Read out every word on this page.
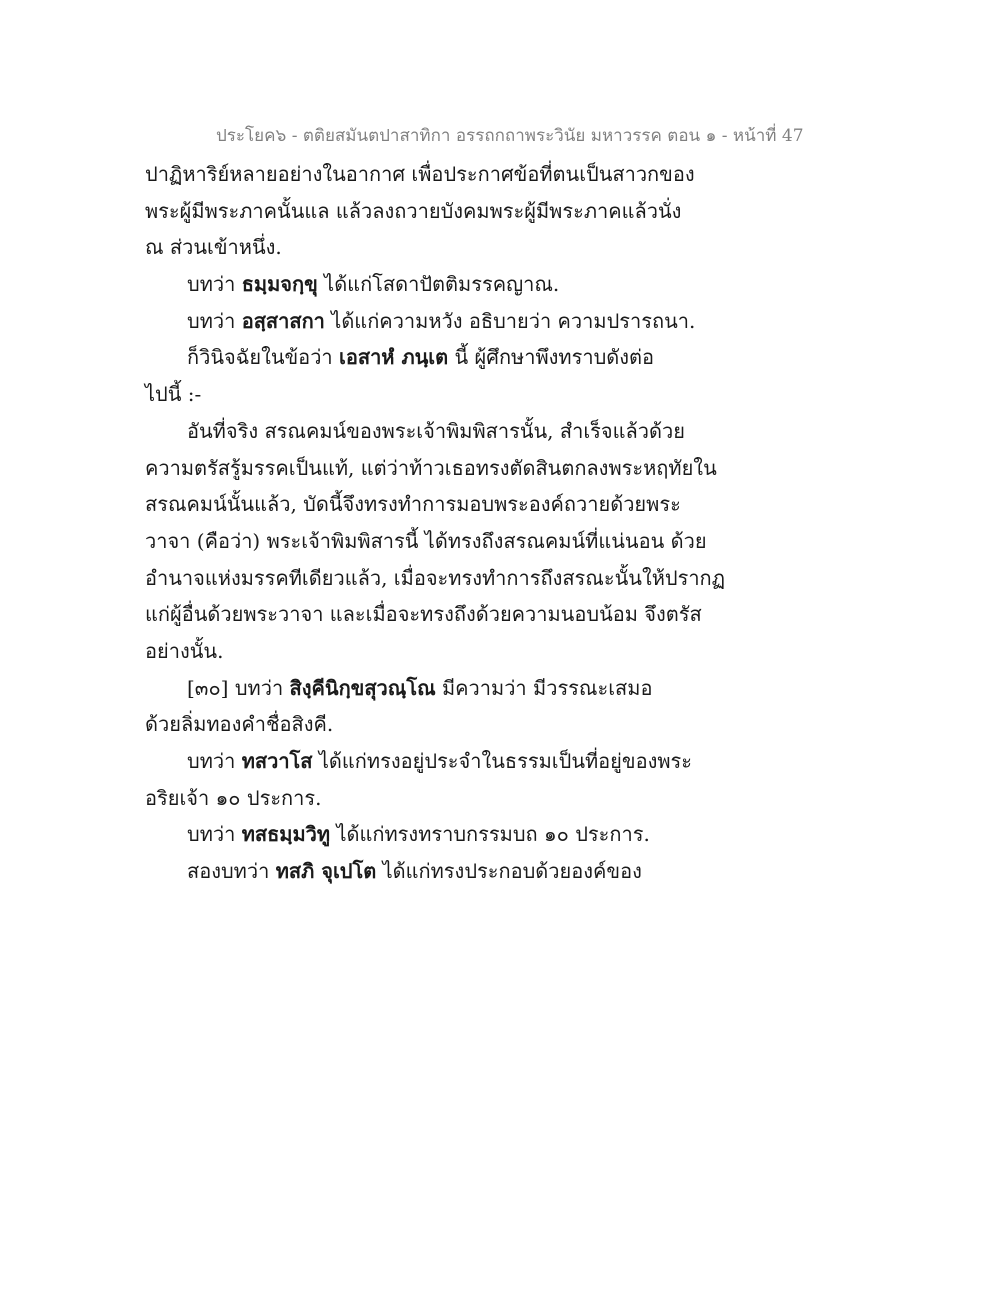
ประโยค๖ - ตติยสมันตปาสาทิกา อรรถกถาพระวินัย มหาวรรค ตอน ๑ - หน้าที่ 47
ปาฏิหาริย์หลายอย่างในอากาศ เพื่อประกาศข้อที่ตนเป็นสาวกของ
พระผู้มีพระภาคนั้นแล แล้วลงถวายบังคมพระผู้มีพระภาคแล้วนั่ง
ณ ส่วนเข้าหนึ่ง.
บทว่า ธมฺมจกฺขุ ได้แก่โสดาปัตติมรรคญาณ.
บทว่า อสฺสาสกา ได้แก่ความหวัง อธิบายว่า ความปรารถนา.
ก็วินิจฉัยในข้อว่า เอสาหํ ภนฺเต นี้ ผู้ศึกษาพึงทราบดังต่อ
ไปนี้ :-
อันที่จริง สรณคมน์ของพระเจ้าพิมพิสารนั้น, สำเร็จแล้วด้วย
ความตรัสรู้มรรคเป็นแท้, แต่ว่าท้าวเธอทรงตัดสินตกลงพระหฤทัยใน
สรณคมน์นั้นแล้ว, บัดนี้จึงทรงทำการมอบพระองค์ถวายด้วยพระ
วาจา (คือว่า) พระเจ้าพิมพิสารนี้ ได้ทรงถึงสรณคมน์ที่แน่นอน ด้วย
อำนาจแห่งมรรคทีเดียวแล้ว, เมื่อจะทรงทำการถึงสรณะนั้นให้ปรากฏ
แก่ผู้อื่นด้วยพระวาจา และเมื่อจะทรงถึงด้วยความนอบน้อม จึงตรัส
อย่างนั้น.
[๓๐] บทว่า สิงฺคีนิกฺขสุวณฺโณ มีความว่า มีวรรณะเสมอ
ด้วยลิ่มทองคำชื่อสิงคี.
บทว่า ทสวาโส ได้แก่ทรงอยู่ประจำในธรรมเป็นที่อยู่ของพระ
อริยเจ้า ๑๐ ประการ.
บทว่า ทสธมฺมวิทู ได้แก่ทรงทราบกรรมบถ ๑๐ ประการ.
สองบทว่า ทสภิ จุเปโต ได้แก่ทรงประกอบด้วยองค์ของ
